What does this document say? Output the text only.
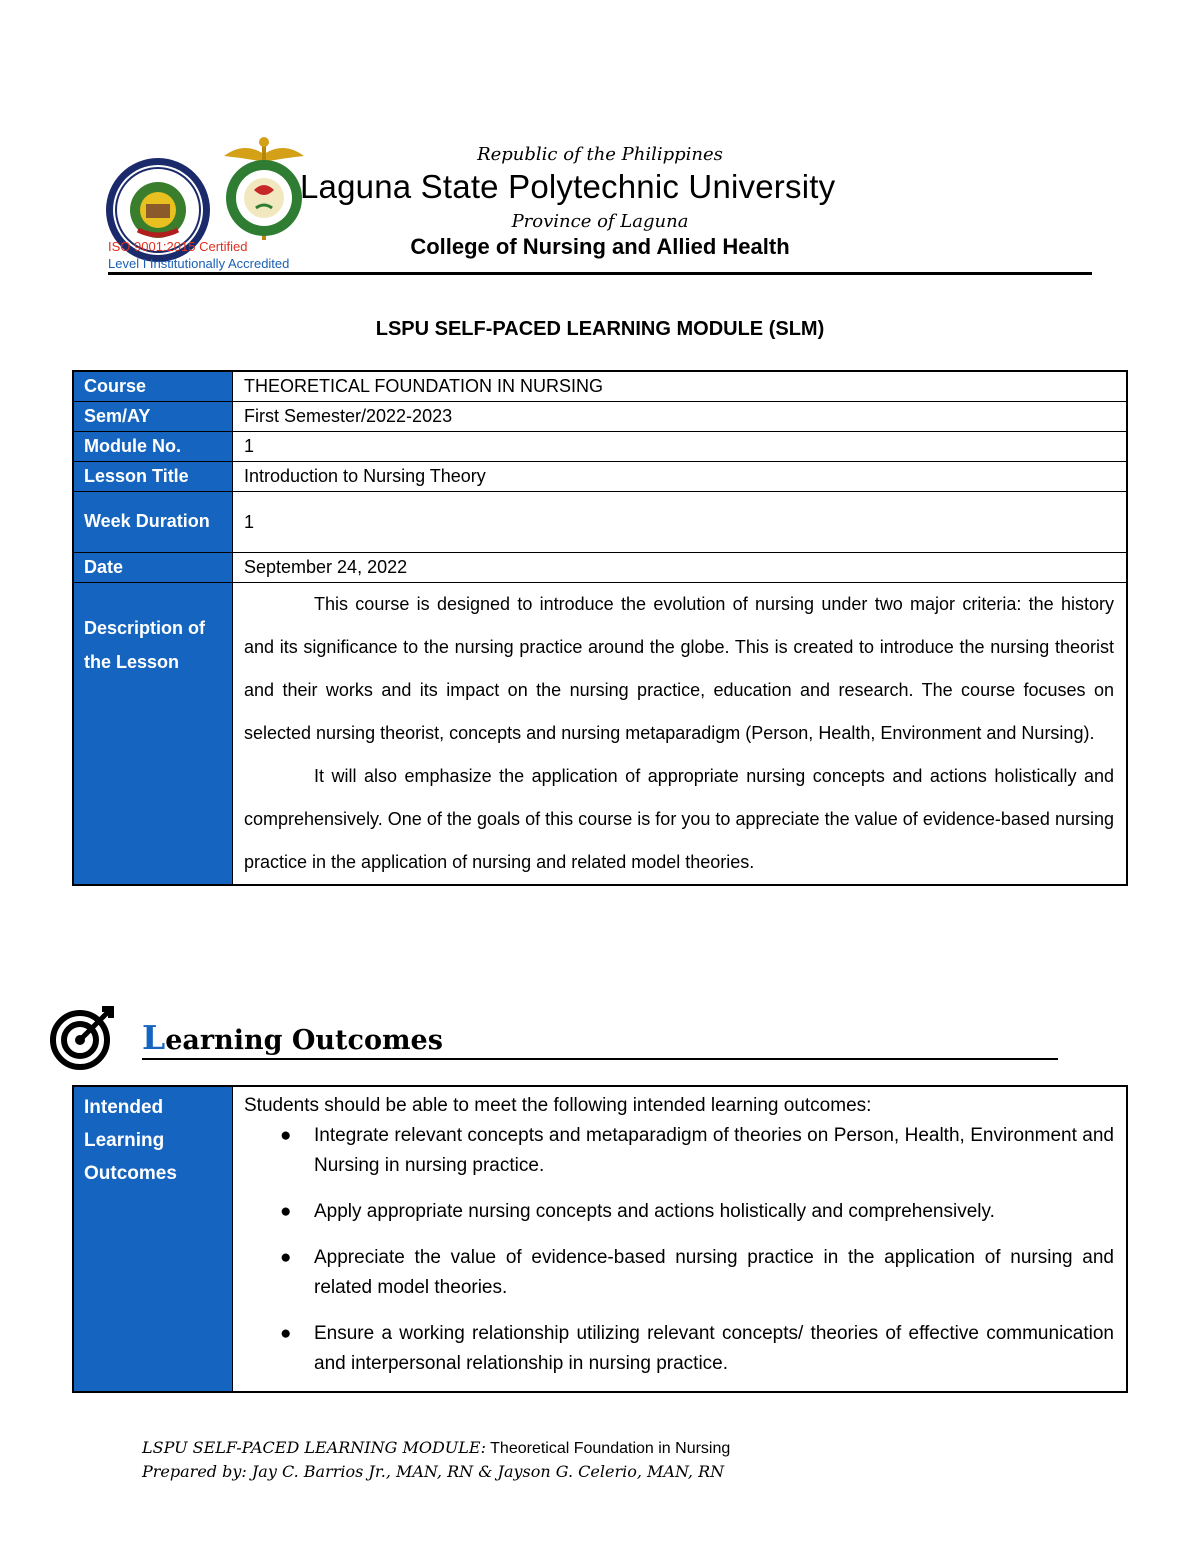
ISO 9001:2015 Certified
Level I Institutionally Accredited
Republic of the Philippines
Laguna State Polytechnic University
Province of Laguna
College of Nursing and Allied Health
LSPU SELF-PACED LEARNING MODULE (SLM)
Course	THEORETICAL FOUNDATION IN NURSING
Sem/AY	First Semester/2022-2023
Module No.	1
Lesson Title	Introduction to Nursing Theory
Week Duration	1
Date	September 24, 2022
Description of the Lesson	This course is designed to introduce the evolution of nursing under two major criteria: the history and its significance to the nursing practice around the globe. This is created to introduce the nursing theorist and their works and its impact on the nursing practice, education and research. The course focuses on selected nursing theorist, concepts and nursing metaparadigm (Person, Health, Environment and Nursing).

It will also emphasize the application of appropriate nursing concepts and actions holistically and comprehensively. One of the goals of this course is for you to appreciate the value of evidence-based nursing practice in the application of nursing and related model theories.

Learning Outcomes
Intended Learning Outcomes	

Students should be able to meet the following intended learning outcomes:

● Integrate relevant concepts and metaparadigm of theories on Person, Health, Environment and Nursing in nursing practice.
● Apply appropriate nursing concepts and actions holistically and comprehensively.
● Appreciate the value of evidence-based nursing practice in the application of nursing and related model theories.
● Ensure a working relationship utilizing relevant concepts/ theories of effective communication and interpersonal relationship in nursing practice.
LSPU SELF-PACED LEARNING MODULE: Theoretical Foundation in Nursing
Prepared by: Jay C. Barrios Jr., MAN, RN & Jayson G. Celerio, MAN, RN
